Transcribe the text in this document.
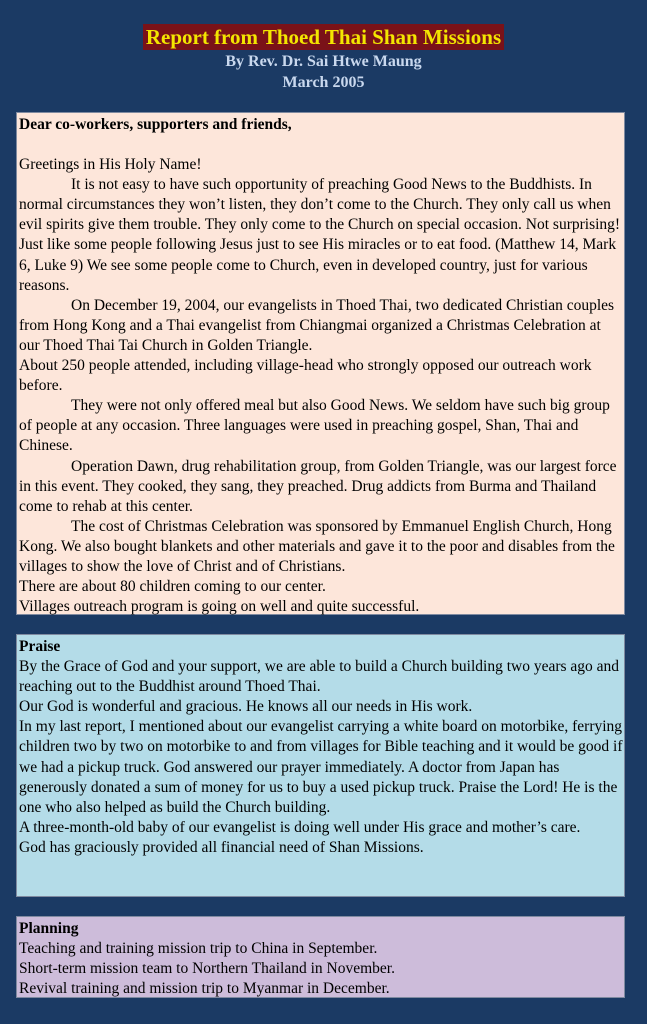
Report from Thoed Thai Shan Missions
By Rev. Dr. Sai Htwe Maung
March 2005

Dear co-workers, supporters and friends,

Greetings in His Holy Name!

It is not easy to have such opportunity of preaching Good News to the Buddhists. In normal circumstances they won’t listen, they don’t come to the Church. They only call us when evil spirits give them trouble. They only come to the Church on special occasion. Not surprising! Just like some people following Jesus just to see His miracles or to eat food. (Matthew 14, Mark 6, Luke 9) We see some people come to Church, even in developed country, just for various reasons.

On December 19, 2004, our evangelists in Thoed Thai, two dedicated Christian couples from Hong Kong and a Thai evangelist from Chiangmai organized a Christmas Celebration at our Thoed Thai Tai Church in Golden Triangle.

About 250 people attended, including village-head who strongly opposed our outreach work before.

They were not only offered meal but also Good News. We seldom have such big group of people at any occasion. Three languages were used in preaching gospel, Shan, Thai and Chinese.

Operation Dawn, drug rehabilitation group, from Golden Triangle, was our largest force in this event. They cooked, they sang, they preached. Drug addicts from Burma and Thailand come to rehab at this center.

The cost of Christmas Celebration was sponsored by Emmanuel English Church, Hong Kong. We also bought blankets and other materials and gave it to the poor and disables from the villages to show the love of Christ and of Christians.

There are about 80 children coming to our center.

Villages outreach program is going on well and quite successful.

Praise

By the Grace of God and your support, we are able to build a Church building two years ago and reaching out to the Buddhist around Thoed Thai.

Our God is wonderful and gracious. He knows all our needs in His work.

In my last report, I mentioned about our evangelist carrying a white board on motorbike, ferrying children two by two on motorbike to and from villages for Bible teaching and it would be good if we had a pickup truck. God answered our prayer immediately. A doctor from Japan has generously donated a sum of money for us to buy a used pickup truck. Praise the Lord! He is the one who also helped as build the Church building.

A three-month-old baby of our evangelist is doing well under His grace and mother’s care.

God has graciously provided all financial need of Shan Missions.

Planning

Teaching and training mission trip to China in September.

Short-term mission team to Northern Thailand in November.

Revival training and mission trip to Myanmar in December.
